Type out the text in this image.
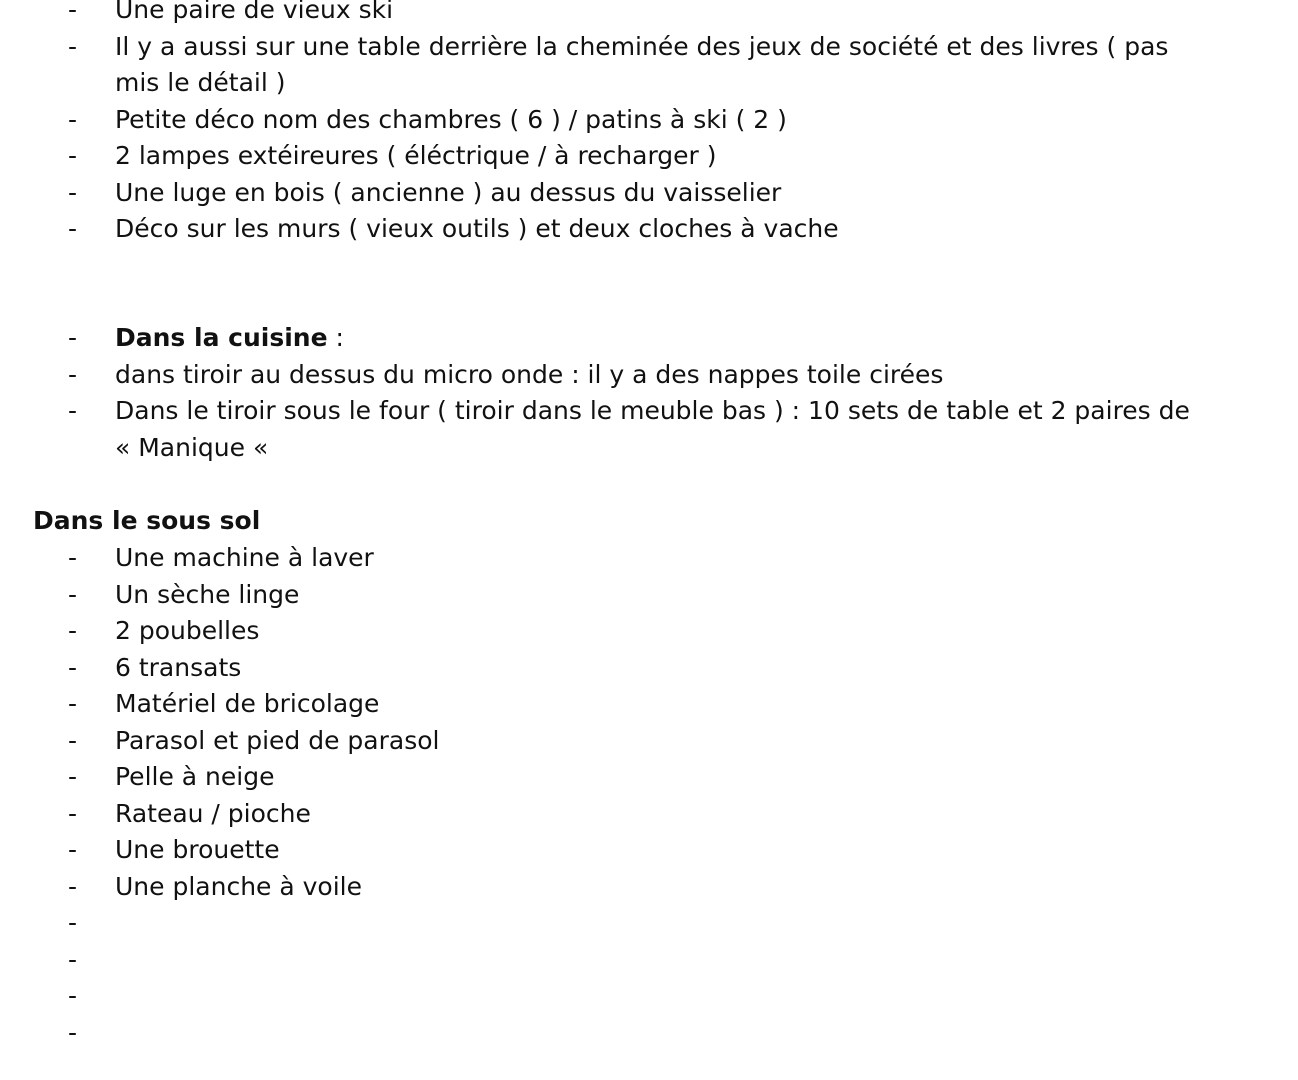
- Une paire de vieux ski
- Il y a aussi sur une table derrière la cheminée des jeux de société et des livres ( pas mis le détail )
- Petite déco nom des chambres ( 6 ) / patins à ski ( 2 )
- 2 lampes extéireures ( éléctrique / à recharger )
- Une luge en bois ( ancienne ) au dessus du vaisselier
- Déco sur les murs ( vieux outils ) et deux cloches à vache
- Dans la cuisine :
- dans tiroir au dessus du micro onde : il y a des nappes toile cirées
- Dans le tiroir sous le four ( tiroir dans le meuble bas ) : 10 sets de table et 2 paires de « Manique «
Dans le sous sol
- Une machine à laver
- Un sèche linge
- 2 poubelles
- 6 transats
- Matériel de bricolage
- Parasol et pied de parasol
- Pelle à neige
- Rateau / pioche
- Une brouette
- Une planche à voile
-
-
-
-
